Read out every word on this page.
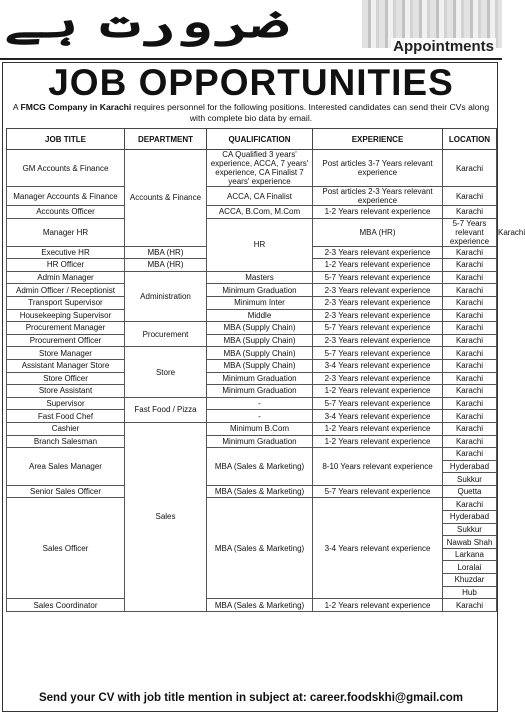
ضرورت ہے	Appointments
JOB OPPORTUNITIES
A FMCG Company in Karachi requires personnel for the following positions. Interested candidates can send their CVs along with complete bio data by email.
JOB TITLE	DEPARTMENT	QUALIFICATION	EXPERIENCE	LOCATION	
GM Accounts & Finance	Accounts & Finance	CA Qualified 3 years' experience, ACCA, 7 years' experience, CA Finalist 7 years' experience	Post articles 3-7 Years relevant experience	Karachi	

Manager Accounts & Finance		ACCA, CA Finalist	Post articles 2-3 Years relevant experience	Karachi	

Accounts Officer		ACCA, B.Com, M.Com	1-2 Years relevant experience	Karachi	
Manager HR		HR	MBA (HR)	5-7 Years relevant experience	Karachi
Executive HR	MBA (HR)		2-3 Years relevant experience	Karachi	
HR Officer	MBA (HR)		1-2 Years relevant experience	Karachi	
Admin Manager	Administration	Masters	5-7 Years relevant experience	Karachi	
Admin Officer / Receptionist		Minimum Graduation	2-3 Years relevant experience	Karachi	
Transport Supervisor		Minimum Inter	2-3 Years relevant experience	Karachi	
Housekeeping Supervisor		Middle	2-3 Years relevant experience	Karachi	
Procurement Manager	Procurement	MBA (Supply Chain)	5-7 Years relevant experience	Karachi	
Procurement Officer		MBA (Supply Chain)	2-3 Years relevant experience	Karachi	
Store Manager	Store	MBA (Supply Chain)	5-7 Years relevant experience	Karachi	
Assistant Manager Store		MBA (Supply Chain)	3-4 Years relevant experience	Karachi	
Store Officer		Minimum Graduation	2-3 Years relevant experience	Karachi	
Store Assistant		Minimum Graduation	1-2 Years relevant experience	Karachi	
Supervisor	Fast Food / Pizza	-	5-7 Years relevant experience	Karachi	
Fast Food Chef		-	3-4 Years relevant experience	Karachi	
Cashier	Sales	Minimum B.Com	1-2 Years relevant experience	Karachi	
Branch Salesman		Minimum Graduation	1-2 Years relevant experience	Karachi	

Area Sales Manager		MBA (Sales & Marketing)	8-10 Years relevant experience	Karachi	
				Hyderabad	
				Sukkur	
Senior Sales Officer		MBA (Sales & Marketing)	5-7 Years relevant experience	Quetta	
Sales Officer		MBA (Sales & Marketing)	3-4 Years relevant experience	Karachi	
				Hyderabad	
				Sukkur	
				Nawab Shah	
				Larkana	
				Loralai	
				Khuzdar	
				Hub	
Sales Coordinator		MBA (Sales & Marketing)	1-2 Years relevant experience	Karachi	
Send your CV with job title mention in subject at: career.foodskhi@gmail.com
